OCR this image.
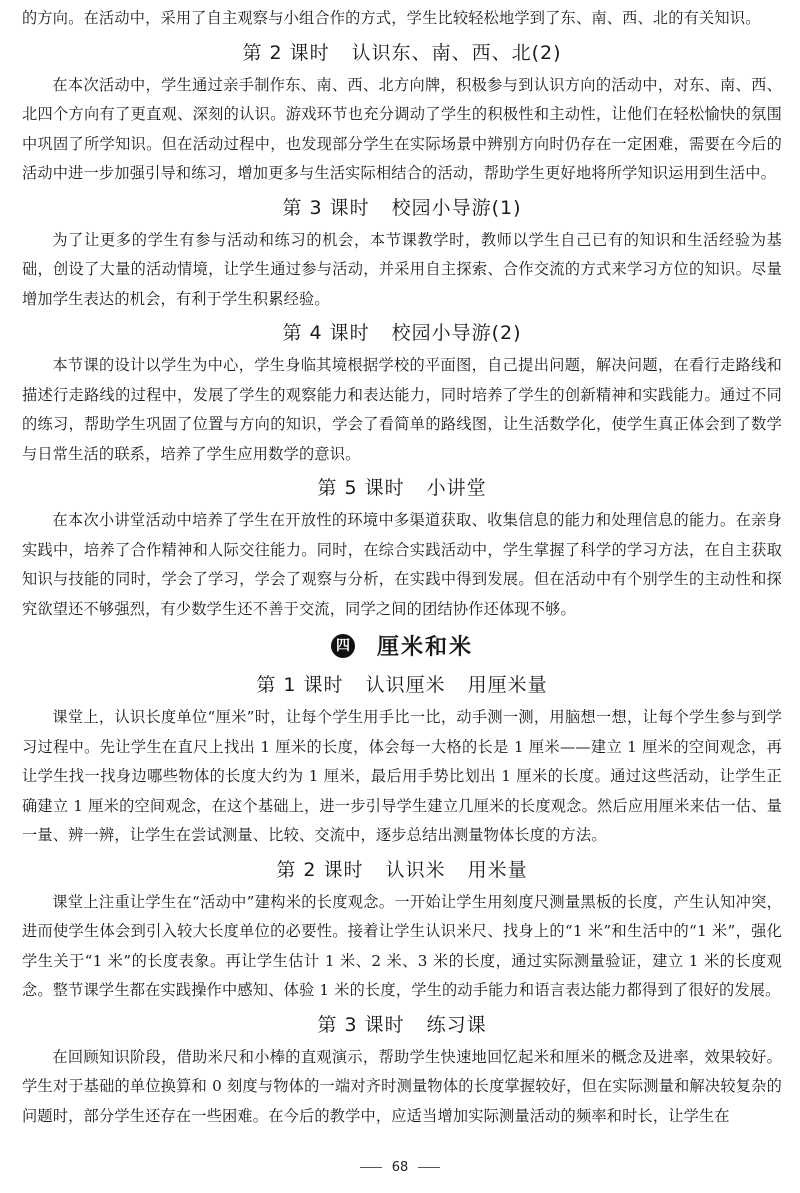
的方向。在活动中，采用了自主观察与小组合作的方式，学生比较轻松地学到了东、南、西、北的有关知识。

第 2 课时 认识东、南、西、北(2)

在本次活动中，学生通过亲手制作东、南、西、北方向牌，积极参与到认识方向的活动中，对东、南、西、北四个方向有了更直观、深刻的认识。游戏环节也充分调动了学生的积极性和主动性，让他们在轻松愉快的氛围中巩固了所学知识。但在活动过程中，也发现部分学生在实际场景中辨别方向时仍存在一定困难，需要在今后的活动中进一步加强引导和练习，增加更多与生活实际相结合的活动，帮助学生更好地将所学知识运用到生活中。

第 3 课时 校园小导游(1)

为了让更多的学生有参与活动和练习的机会，本节课教学时，教师以学生自己已有的知识和生活经验为基础，创设了大量的活动情境，让学生通过参与活动，并采用自主探索、合作交流的方式来学习方位的知识。尽量增加学生表达的机会，有利于学生积累经验。

第 4 课时 校园小导游(2)

本节课的设计以学生为中心，学生身临其境根据学校的平面图，自己提出问题，解决问题，在看行走路线和描述行走路线的过程中，发展了学生的观察能力和表达能力，同时培养了学生的创新精神和实践能力。通过不同的练习，帮助学生巩固了位置与方向的知识，学会了看简单的路线图，让生活数学化，使学生真正体会到了数学与日常生活的联系，培养了学生应用数学的意识。

第 5 课时 小讲堂

在本次小讲堂活动中培养了学生在开放性的环境中多渠道获取、收集信息的能力和处理信息的能力。在亲身实践中，培养了合作精神和人际交往能力。同时，在综合实践活动中，学生掌握了科学的学习方法，在自主获取知识与技能的同时，学会了学习，学会了观察与分析，在实践中得到发展。但在活动中有个别学生的主动性和探究欲望还不够强烈，有少数学生还不善于交流，同学之间的团结协作还体现不够。

四 厘米和米
第 1 课时 认识厘米 用厘米量

课堂上，认识长度单位“厘米”时，让每个学生用手比一比，动手测一测，用脑想一想，让每个学生参与到学习过程中。先让学生在直尺上找出 1 厘米的长度，体会每一大格的长是 1 厘米——建立 1 厘米的空间观念，再让学生找一找身边哪些物体的长度大约为 1 厘米，最后用手势比划出 1 厘米的长度。通过这些活动，让学生正确建立 1 厘米的空间观念，在这个基础上，进一步引导学生建立几厘米的长度观念。然后应用厘米来估一估、量一量、辨一辨，让学生在尝试测量、比较、交流中，逐步总结出测量物体长度的方法。

第 2 课时 认识米 用米量

课堂上注重让学生在“活动中”建构米的长度观念。一开始让学生用刻度尺测量黑板的长度，产生认知冲突，进而使学生体会到引入较大长度单位的必要性。接着让学生认识米尺、找身上的“1 米”和生活中的“1 米”，强化学生关于“1 米”的长度表象。再让学生估计 1 米、2 米、3 米的长度，通过实际测量验证，建立 1 米的长度观念。整节课学生都在实践操作中感知、体验 1 米的长度，学生的动手能力和语言表达能力都得到了很好的发展。

第 3 课时 练习课

在回顾知识阶段，借助米尺和小棒的直观演示，帮助学生快速地回忆起米和厘米的概念及进率，效果较好。学生对于基础的单位换算和 0 刻度与物体的一端对齐时测量物体的长度掌握较好，但在实际测量和解决较复杂的问题时，部分学生还存在一些困难。在今后的教学中，应适当增加实际测量活动的频率和时长，让学生在

68
